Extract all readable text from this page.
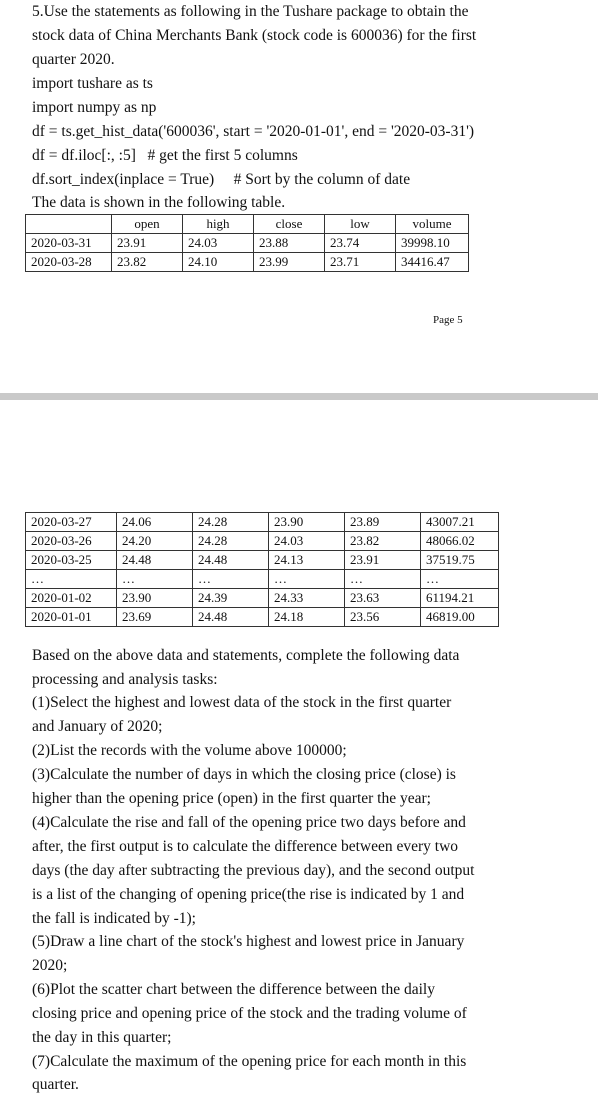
5.Use the statements as following in the Tushare package to obtain the
stock data of China Merchants Bank (stock code is 600036) for the first
quarter 2020.
import tushare as ts
import numpy as np
df = ts.get_hist_data('600036', start = '2020-01-01', end = '2020-03-31')
df = df.iloc[:, :5]   # get the first 5 columns
df.sort_index(inplace = True)     # Sort by the column of date
The data is shown in the following table.
	open	high	close	low	volume
2020-03-31	23.91	24.03	23.88	23.74	39998.10
2020-03-28	23.82	24.10	23.99	23.71	34416.47
Page 5
2020-03-27	24.06	24.28	23.90	23.89	43007.21
2020-03-26	24.20	24.28	24.03	23.82	48066.02
2020-03-25	24.48	24.48	24.13	23.91	37519.75
…	…	…	…	…	…
2020-01-02	23.90	24.39	24.33	23.63	61194.21
2020-01-01	23.69	24.48	24.18	23.56	46819.00
Based on the above data and statements, complete the following data
processing and analysis tasks:
(1)Select the highest and lowest data of the stock in the first quarter
and January of 2020;
(2)List the records with the volume above 100000;
(3)Calculate the number of days in which the closing price (close) is
higher than the opening price (open) in the first quarter the year;
(4)Calculate the rise and fall of the opening price two days before and
after, the first output is to calculate the difference between every two
days (the day after subtracting the previous day), and the second output
is a list of the changing of opening price(the rise is indicated by 1 and
the fall is indicated by -1);
(5)Draw a line chart of the stock's highest and lowest price in January
2020;
(6)Plot the scatter chart between the difference between the daily
closing price and opening price of the stock and the trading volume of
the day in this quarter;
(7)Calculate the maximum of the opening price for each month in this
quarter.
